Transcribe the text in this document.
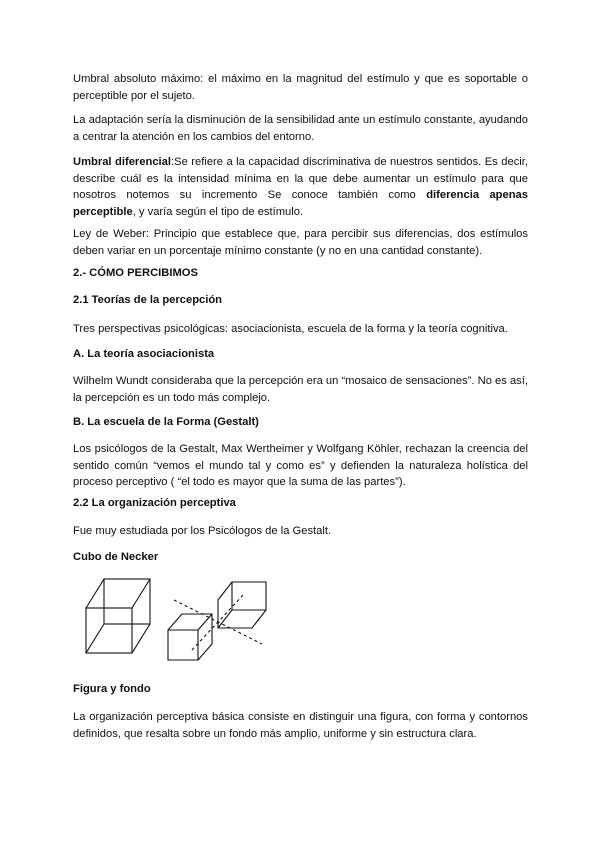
Umbral absoluto máximo: el máximo en la magnitud del estímulo y que es soportable o perceptible por el sujeto.

La adaptación sería la disminución de la sensibilidad ante un estímulo constante, ayudando a centrar la atención en los cambios del entorno.

Umbral diferencial:Se refiere a la capacidad discriminativa de nuestros sentidos. Es decir, describe cuál es la intensidad mínima en la que debe aumentar un estímulo para que nosotros notemos su incremento Se conoce también como diferencia apenas perceptible, y varía según el tipo de estímulo.

Ley de Weber: Principio que establece que, para percibir sus diferencias, dos estímulos deben variar en un porcentaje mínimo constante (y no en una cantidad constante).

2.- CÓMO PERCIBIMOS

2.1 Teorías de la percepción

Tres perspectivas psicológicas: asociacionista, escuela de la forma y la teoría cognitiva.

A. La teoría asociacionista

Wilhelm Wundt consideraba que la percepción era un “mosaico de sensaciones”. No es así, la percepción es un todo más complejo.

B. La escuela de la Forma (Gestalt)

Los psicólogos de la Gestalt, Max Wertheimer y Wolfgang Köhler, rechazan la creencia del sentido común “vemos el mundo tal y como es” y defienden la naturaleza holística del proceso perceptivo ( “el todo es mayor que la suma de las partes”).

2.2 La organización perceptiva

Fue muy estudiada por los Psicólogos de la Gestalt.

Cubo de Necker

Figura y fondo

La organización perceptiva básica consiste en distinguir una figura, con forma y contornos definidos, que resalta sobre un fondo más amplio, uniforme y sin estructura clara.
